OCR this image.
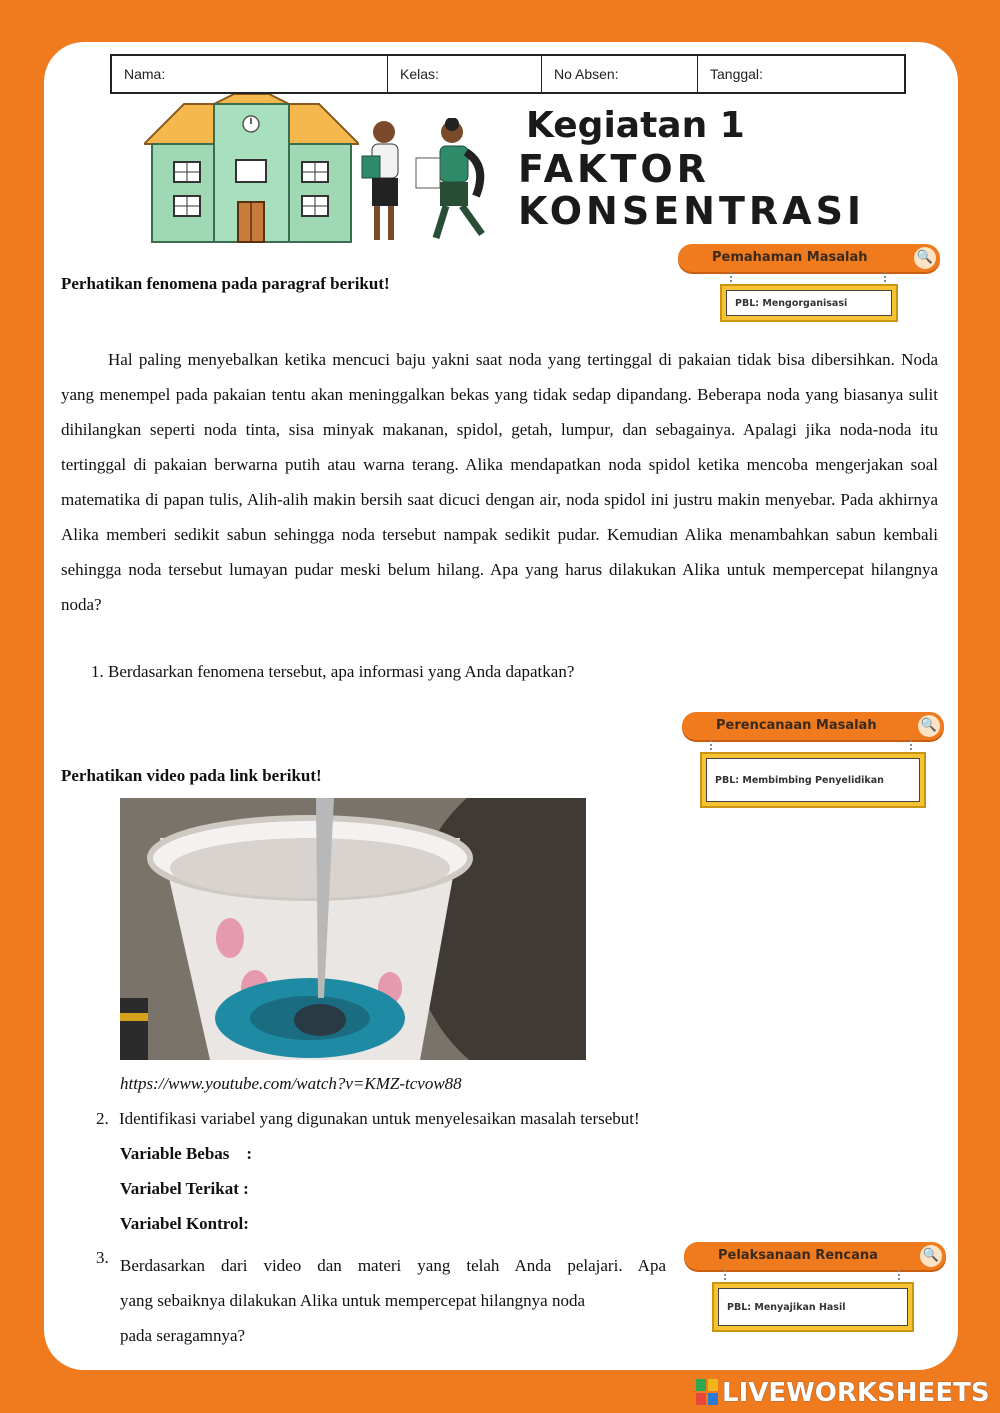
Nama:	Kelas:	No Absen:	Tanggal:
Kegiatan 1
FAKTOR
KONSENTRASI
Pemahaman Masalah	🔍
PBL: Mengorganisasi
Perencanaan Masalah	🔍
PBL: Membimbing Penyelidikan
Pelaksanaan Rencana	🔍
PBL: Menyajikan Hasil
Perhatikan fenomena pada paragraf berikut!
Hal paling menyebalkan ketika mencuci baju yakni saat noda yang tertinggal di pakaian tidak bisa dibersihkan. Noda yang menempel pada pakaian tentu akan meninggalkan bekas yang tidak sedap dipandang. Beberapa noda yang biasanya sulit dihilangkan seperti noda tinta, sisa minyak makanan, spidol, getah, lumpur, dan sebagainya. Apalagi jika noda-noda itu tertinggal di pakaian berwarna putih atau warna terang. Alika mendapatkan noda spidol ketika mencoba mengerjakan soal matematika di papan tulis, Alih-alih makin bersih saat dicuci dengan air, noda spidol ini justru makin menyebar. Pada akhirnya Alika memberi sedikit sabun sehingga noda tersebut nampak sedikit pudar. Kemudian Alika menambahkan sabun kembali sehingga noda tersebut lumayan pudar meski belum hilang. Apa yang harus dilakukan Alika untuk mempercepat hilangnya noda?
1. Berdasarkan fenomena tersebut, apa informasi yang Anda dapatkan?
Perhatikan video pada link berikut!
https://www.youtube.com/watch?v=KMZ-tcvow88
2. Identifikasi variabel yang digunakan untuk menyelesaikan masalah tersebut!
Variable Bebas    :
Variabel Terikat :
Variabel Kontrol:
3. Berdasarkan dari video dan materi yang telah Anda pelajari. Apa
yang sebaiknya dilakukan Alika untuk mempercepat hilangnya noda
pada seragamnya?
LIVEWORKSHEETS
